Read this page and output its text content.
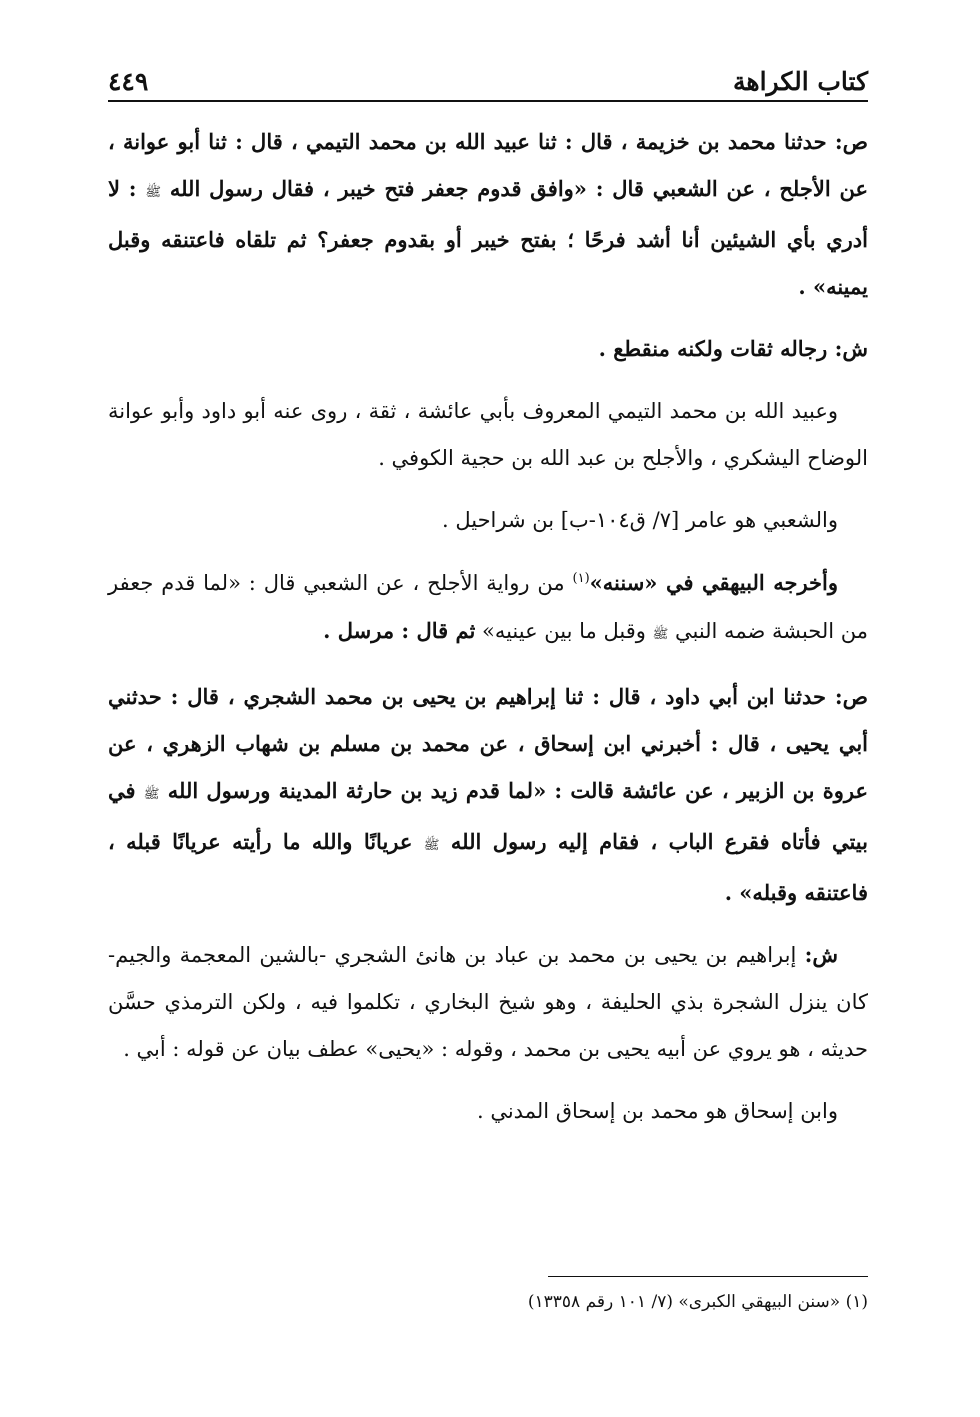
كتاب الكراهة
٤٤٩

ص: حدثنا محمد بن خزيمة ، قال : ثنا عبيد الله بن محمد التيمي ، قال : ثنا أبو عوانة ، عن الأجلح ، عن الشعبي قال : «وافق قدوم جعفر فتح خيبر ، فقال رسول الله ﷺ : لا أدري بأي الشيئين أنا أشد فرحًا ؛ بفتح خيبر أو بقدوم جعفر؟ ثم تلقاه فاعتنقه وقبل يمينه» .

ش: رجاله ثقات ولكنه منقطع .

وعبيد الله بن محمد التيمي المعروف بأبي عائشة ، ثقة ، روى عنه أبو داود وأبو عوانة الوضاح اليشكري ، والأجلح بن عبد الله بن حجية الكوفي .

والشعبي هو عامر [٧/ ق١٠٤-ب] بن شراحيل .

وأخرجه البيهقي في «سننه»$^{(١)}$ من رواية الأجلح ، عن الشعبي قال : «لما قدم جعفر من الحبشة ضمه النبي ﷺ وقبل ما بين عينيه» ثم قال : مرسل .

ص: حدثنا ابن أبي داود ، قال : ثنا إبراهيم بن يحيى بن محمد الشجري ، قال : حدثني أبي يحيى ، قال : أخبرني ابن إسحاق ، عن محمد بن مسلم بن شهاب الزهري ، عن عروة بن الزبير ، عن عائشة قالت : «لما قدم زيد بن حارثة المدينة ورسول الله ﷺ في بيتي فأتاه فقرع الباب ، فقام إليه رسول الله ﷺ عريانًا والله ما رأيته عريانًا قبله ، فاعتنقه وقبله» .

ش: إبراهيم بن يحيى بن محمد بن عباد بن هانئ الشجري -بالشين المعجمة والجيم- كان ينزل الشجرة بذي الحليفة ، وهو شيخ البخاري ، تكلموا فيه ، ولكن الترمذي حسَّن حديثه ، هو يروي عن أبيه يحيى بن محمد ، وقوله : «يحيى» عطف بيان عن قوله : أبي .

وابن إسحاق هو محمد بن إسحاق المدني .

(١) «سنن البيهقي الكبرى» (٧/ ١٠١ رقم ١٣٣٥٨)
